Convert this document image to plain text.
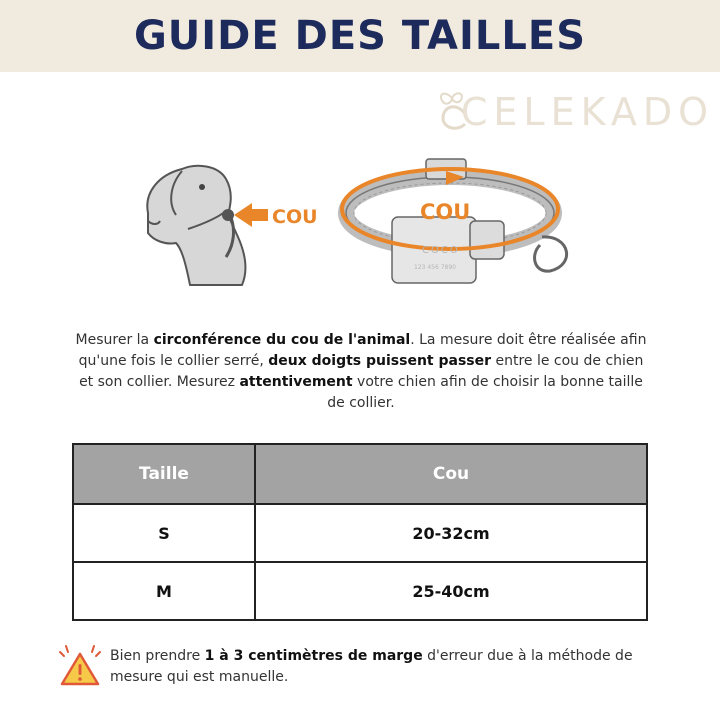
GUIDE DES TAILLES
CELEKADO
COU	COU
COCO
123 456 7890
Mesurer la circonférence du cou de l'animal. La mesure doit être réalisée afin qu'une fois le collier serré, deux doigts puissent passer entre le cou de chien et son collier. Mesurez attentivement votre chien afin de choisir la bonne taille de collier.
Taille	Cou
S	20-32cm
M	25-40cm
Bien prendre 1 à 3 centimètres de marge d'erreur due à la méthode de mesure qui est manuelle.
